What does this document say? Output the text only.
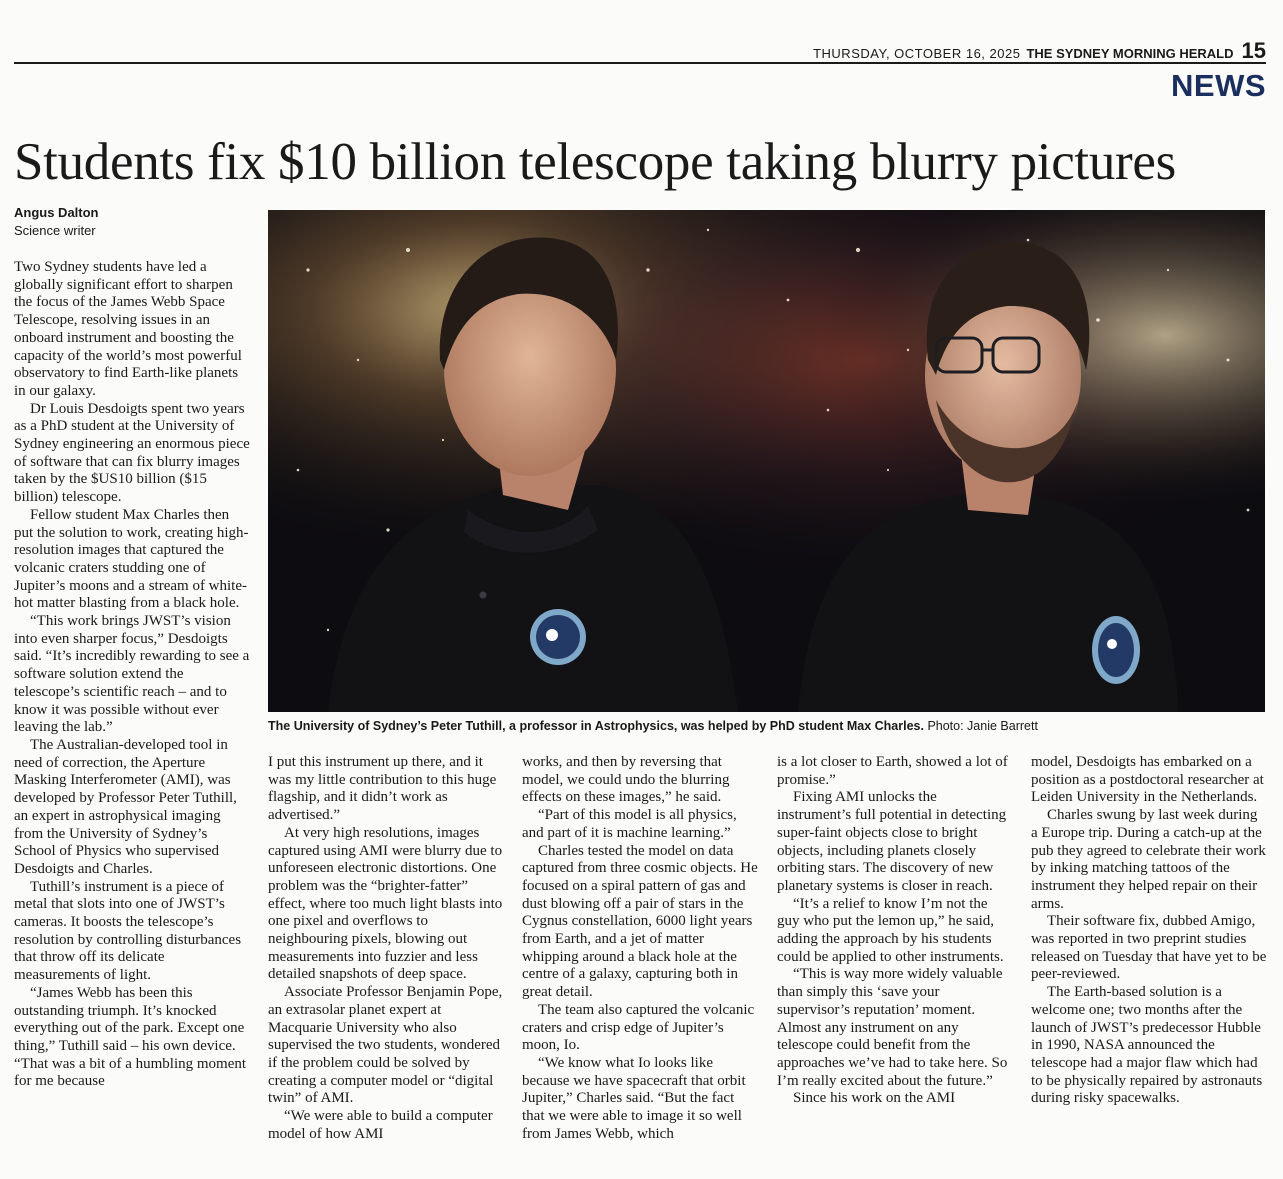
THURSDAY, OCTOBER 16, 2025 THE SYDNEY MORNING HERALD 15
NEWS
Students fix $10 billion telescope taking blurry pictures
Angus Dalton
Science writer
The University of Sydney’s Peter Tuthill, a professor in Astrophysics, was helped by PhD student Max Charles. Photo: Janie Barrett

Two Sydney students have led a globally significant effort to sharpen the focus of the James Webb Space Telescope, resolving issues in an onboard instrument and boosting the capacity of the world’s most powerful observatory to find Earth-like planets in our galaxy.

Dr Louis Desdoigts spent two years as a PhD student at the University of Sydney engineering an enormous piece of software that can fix blurry images taken by the $US10 billion ($15 billion) telescope.

Fellow student Max Charles then put the solution to work, creating high-resolution images that captured the volcanic craters studding one of Jupiter’s moons and a stream of white-hot matter blasting from a black hole.

“This work brings JWST’s vision into even sharper focus,” Desdoigts said. “It’s incredibly rewarding to see a software solution extend the telescope’s scientific reach – and to know it was possible without ever leaving the lab.”

The Australian-developed tool in need of correction, the Aperture Masking Interferometer (AMI), was developed by Professor Peter Tuthill, an expert in astrophysical imaging from the University of Sydney’s School of Physics who supervised Desdoigts and Charles.

Tuthill’s instrument is a piece of metal that slots into one of JWST’s cameras. It boosts the telescope’s resolution by controlling disturbances that throw off its delicate measurements of light.

“James Webb has been this outstanding triumph. It’s knocked everything out of the park. Except one thing,” Tuthill said – his own device. “That was a bit of a humbling moment for me because

I put this instrument up there, and it was my little contribution to this huge flagship, and it didn’t work as advertised.”

At very high resolutions, images captured using AMI were blurry due to unforeseen electronic distortions. One problem was the “brighter-fatter” effect, where too much light blasts into one pixel and overflows to neighbouring pixels, blowing out measurements into fuzzier and less detailed snapshots of deep space.

Associate Professor Benjamin Pope, an extrasolar planet expert at Macquarie University who also supervised the two students, wondered if the problem could be solved by creating a computer model or “digital twin” of AMI.

“We were able to build a computer model of how AMI

works, and then by reversing that model, we could undo the blurring effects on these images,” he said.

“Part of this model is all physics, and part of it is machine learning.”

Charles tested the model on data captured from three cosmic objects. He focused on a spiral pattern of gas and dust blowing off a pair of stars in the Cygnus constellation, 6000 light years from Earth, and a jet of matter whipping around a black hole at the centre of a galaxy, capturing both in great detail.

The team also captured the volcanic craters and crisp edge of Jupiter’s moon, Io.

“We know what Io looks like because we have spacecraft that orbit Jupiter,” Charles said. “But the fact that we were able to image it so well from James Webb, which

is a lot closer to Earth, showed a lot of promise.”

Fixing AMI unlocks the instrument’s full potential in detecting super-faint objects close to bright objects, including planets closely orbiting stars. The discovery of new planetary systems is closer in reach.

“It’s a relief to know I’m not the guy who put the lemon up,” he said, adding the approach by his students could be applied to other instruments.

“This is way more widely valuable than simply this ‘save your supervisor’s reputation’ moment. Almost any instrument on any telescope could benefit from the approaches we’ve had to take here. So I’m really excited about the future.”

Since his work on the AMI

model, Desdoigts has embarked on a position as a postdoctoral researcher at Leiden University in the Netherlands.

Charles swung by last week during a Europe trip. During a catch-up at the pub they agreed to celebrate their work by inking matching tattoos of the instrument they helped repair on their arms.

Their software fix, dubbed Amigo, was reported in two preprint studies released on Tuesday that have yet to be peer-reviewed.

The Earth-based solution is a welcome one; two months after the launch of JWST’s predecessor Hubble in 1990, NASA announced the telescope had a major flaw which had to be physically repaired by astronauts during risky spacewalks.
